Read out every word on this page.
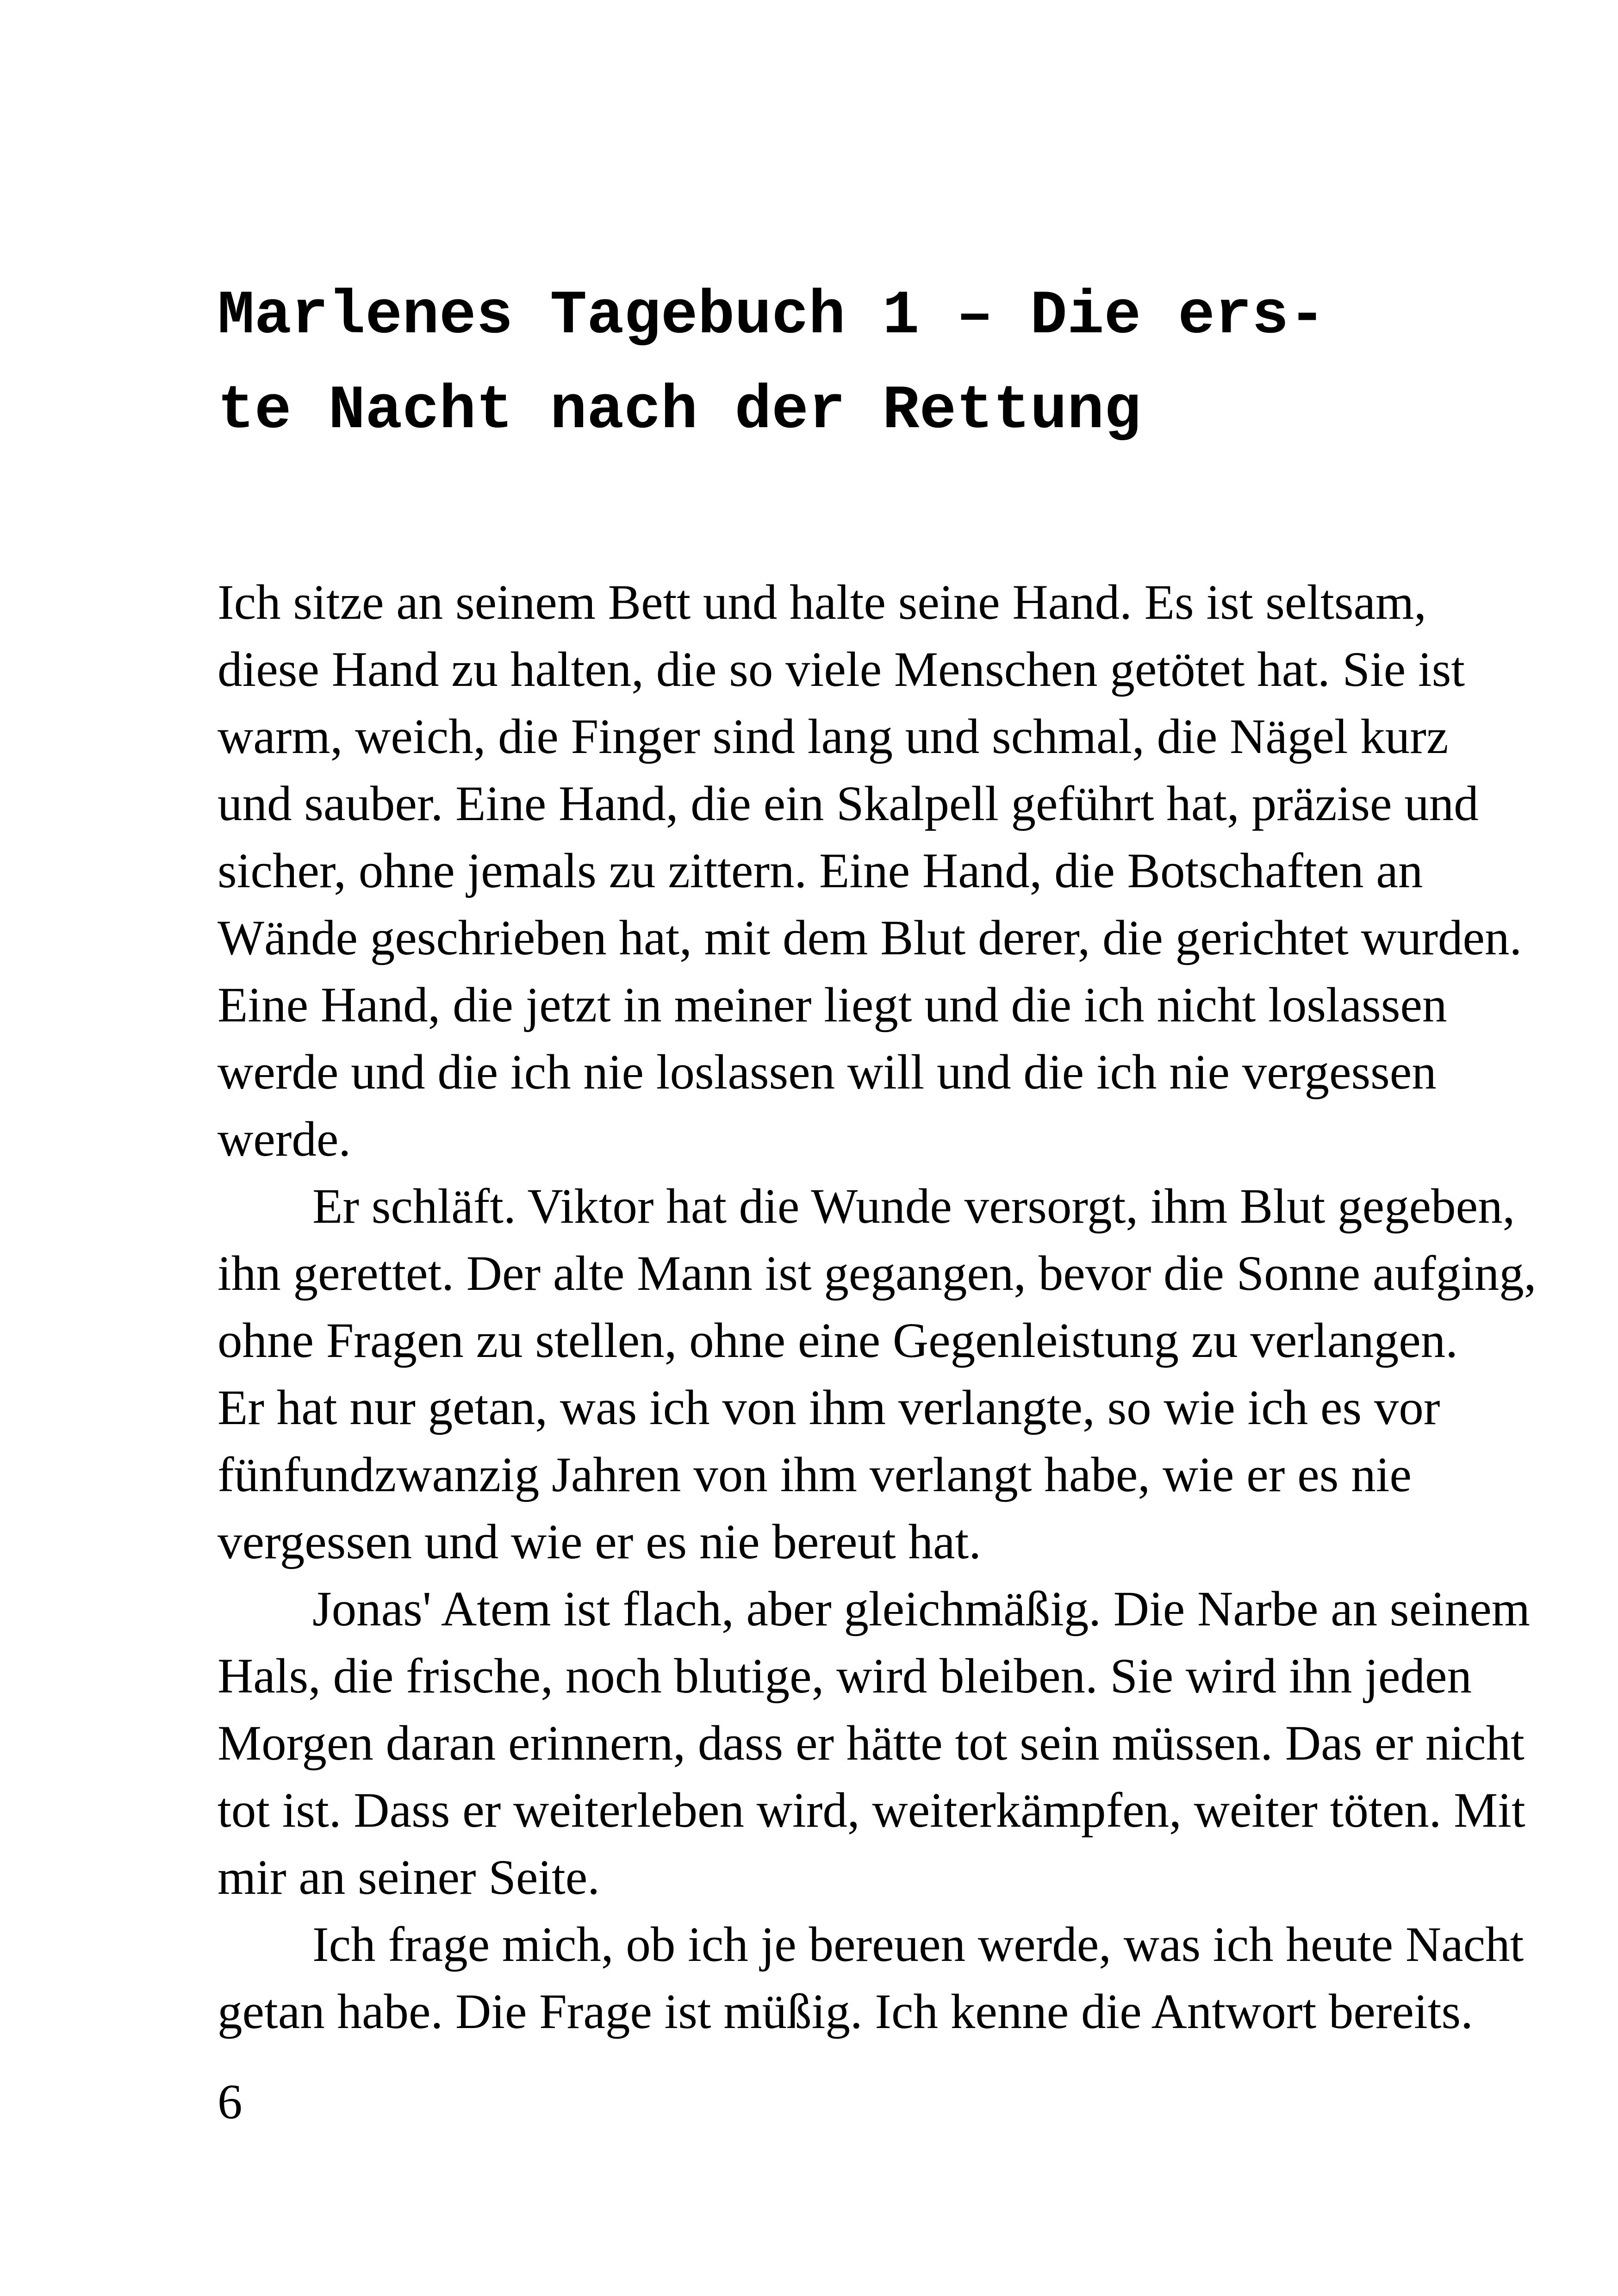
Marlenes Tagebuch 1 – Die ers-
te Nacht nach der Rettung

Ich sitze an seinem Bett und halte seine Hand. Es ist seltsam,
diese Hand zu halten, die so viele Menschen getötet hat. Sie ist
warm, weich, die Finger sind lang und schmal, die Nägel kurz
und sauber. Eine Hand, die ein Skalpell geführt hat, präzise und
sicher, ohne jemals zu zittern. Eine Hand, die Botschaften an
Wände geschrieben hat, mit dem Blut derer, die gerichtet wurden.
Eine Hand, die jetzt in meiner liegt und die ich nicht loslassen
werde und die ich nie loslassen will und die ich nie vergessen
werde.

Er schläft. Viktor hat die Wunde versorgt, ihm Blut gegeben,
ihn gerettet. Der alte Mann ist gegangen, bevor die Sonne aufging,
ohne Fragen zu stellen, ohne eine Gegenleistung zu verlangen.
Er hat nur getan, was ich von ihm verlangte, so wie ich es vor
fünfundzwanzig Jahren von ihm verlangt habe, wie er es nie
vergessen und wie er es nie bereut hat.

Jonas' Atem ist flach, aber gleichmäßig. Die Narbe an seinem
Hals, die frische, noch blutige, wird bleiben. Sie wird ihn jeden
Morgen daran erinnern, dass er hätte tot sein müssen. Das er nicht
tot ist. Dass er weiterleben wird, weiterkämpfen, weiter töten. Mit
mir an seiner Seite.

Ich frage mich, ob ich je bereuen werde, was ich heute Nacht
getan habe. Die Frage ist müßig. Ich kenne die Antwort bereits.

6
